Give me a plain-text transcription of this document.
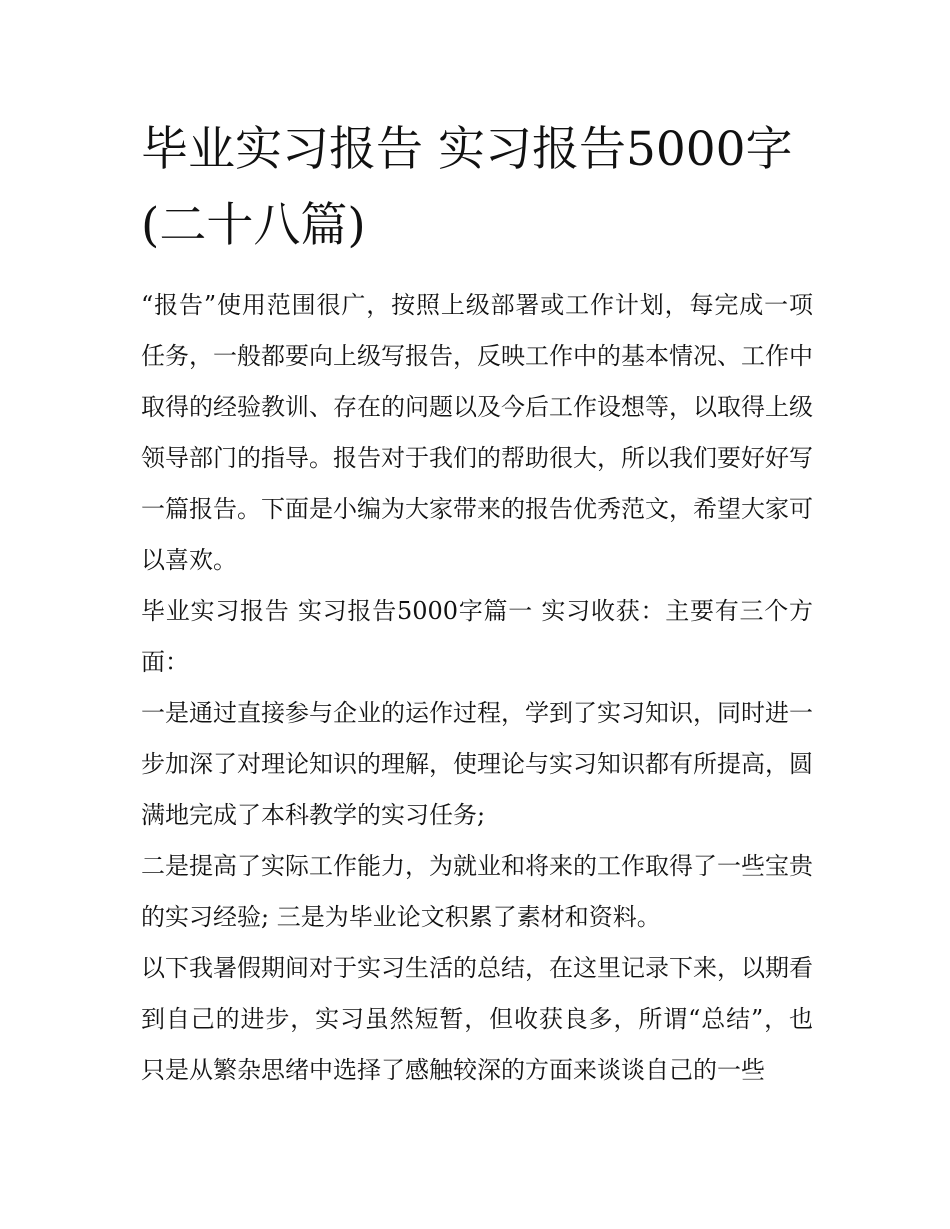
毕业实习报告 实习报告5000字(二十八篇)

“报告”使用范围很广，按照上级部署或工作计划，每完成一项任务，一般都要向上级写报告，反映工作中的基本情况、工作中取得的经验教训、存在的问题以及今后工作设想等，以取得上级领导部门的指导。报告对于我们的帮助很大，所以我们要好好写一篇报告。下面是小编为大家带来的报告优秀范文，希望大家可以喜欢。

毕业实习报告 实习报告5000字篇一 实习收获：主要有三个方面：

一是通过直接参与企业的运作过程，学到了实习知识，同时进一步加深了对理论知识的理解，使理论与实习知识都有所提高，圆满地完成了本科教学的实习任务;

二是提高了实际工作能力，为就业和将来的工作取得了一些宝贵的实习经验; 三是为毕业论文积累了素材和资料。

以下我暑假期间对于实习生活的总结，在这里记录下来，以期看到自己的进步，实习虽然短暂，但收获良多，所谓“总结”，也只是从繁杂思绪中选择了感触较深的方面来谈谈自己的一些
